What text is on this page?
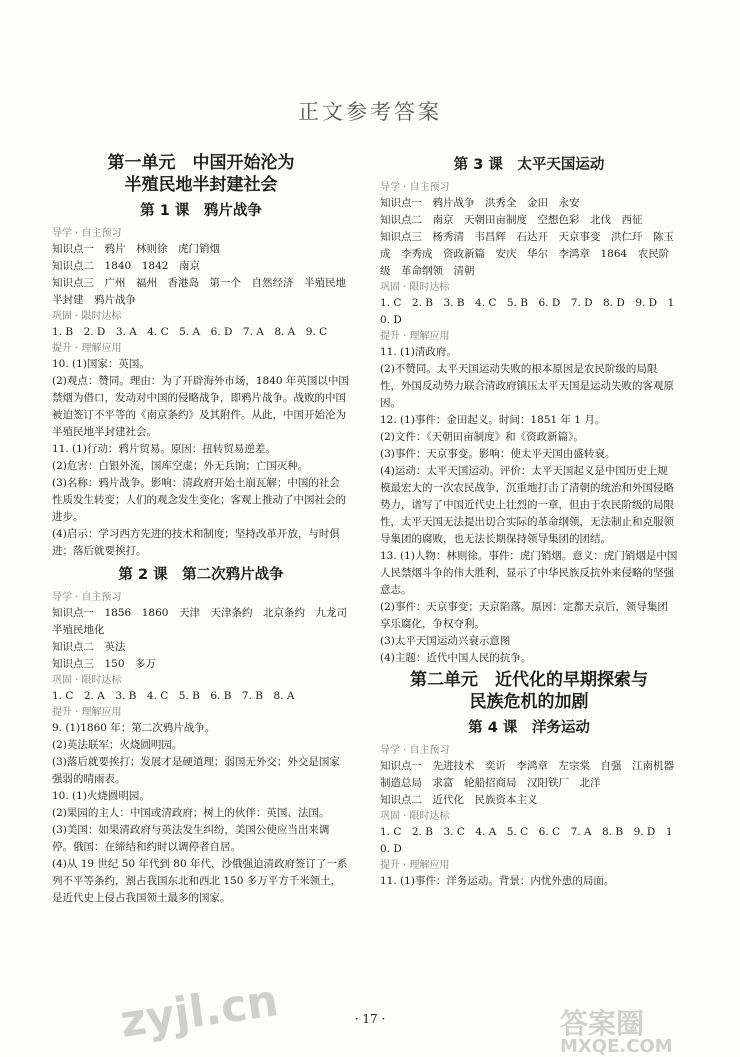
正文参考答案
第一单元　中国开始沦为
半殖民地半封建社会
第 1 课　鸦片战争
导学 · 自主预习
知识点一　鸦片　林则徐　虎门销烟
知识点二　1840　1842　南京
知识点三　广州　福州　香港岛　第一个　自然经济　半殖民地半封建　鸦片战争
巩固 · 限时达标
1. B　2. D　3. A　4. C　5. A　6. D　7. A　8. A　9. C
提升 · 理解应用
10. (1)国家：英国。
(2)观点：赞同。理由：为了开辟海外市场，1840 年英国以中国禁烟为借口，发动对中国的侵略战争，即鸦片战争。战败的中国被迫签订不平等的《南京条约》及其附件。从此，中国开始沦为半殖民地半封建社会。
11. (1)行动：鸦片贸易。原因：扭转贸易逆差。
(2)危害：白银外流，国库空虚；外无兵饷；亡国灭种。
(3)名称：鸦片战争。影响：清政府开始土崩瓦解；中国的社会性质发生转变；人们的观念发生变化；客观上推动了中国社会的进步。
(4)启示：学习西方先进的技术和制度；坚持改革开放，与时俱进；落后就要挨打。
第 2 课　第二次鸦片战争
导学 · 自主预习
知识点一　1856　1860　天津　天津条约　北京条约　九龙司　半殖民地化
知识点二　英法
知识点三　150　多万
巩固 · 限时达标
1. C　2. A　3. B　4. C　5. B　6. B　7. B　8. A
提升 · 理解应用
9. (1)1860 年；第二次鸦片战争。
(2)英法联军；火烧圆明园。
(3)落后就要挨打；发展才是硬道理；弱国无外交；外交是国家强弱的晴雨表。
10. (1)火烧圆明园。
(2)果园的主人：中国或清政府；树上的伙伴：英国、法国。
(3)美国：如果清政府与英法发生纠纷，美国公使应当出来调停。俄国：在缔结和约时以调停者自居。
(4)从 19 世纪 50 年代到 80 年代，沙俄强迫清政府签订了一系列不平等条约，割占我国东北和西北 150 多万平方千米领土，是近代史上侵占我国领土最多的国家。
第 3 课　太平天国运动
导学 · 自主预习
知识点一　鸦片战争　洪秀全　金田　永安
知识点二　南京　天朝田亩制度　空想色彩　北伐　西征
知识点三　杨秀清　韦昌辉　石达开　天京事变　洪仁玕　陈玉成　李秀成　资政新篇　安庆　华尔　李鸿章　1864　农民阶级　革命纲领　清朝
巩固 · 限时达标
1. C　2. B　3. B　4. C　5. B　6. D　7. D　8. D　9. D　10. D
提升 · 理解应用
11. (1)清政府。
(2)不赞同。太平天国运动失败的根本原因是农民阶级的局限性，外国反动势力联合清政府镇压太平天国是运动失败的客观原因。
12. (1)事件：金田起义。时间：1851 年 1 月。
(2)文件：《天朝田亩制度》和《资政新篇》。
(3)事件：天京事变。影响：使太平天国由盛转衰。
(4)运动：太平天国运动。评价：太平天国起义是中国历史上规模最宏大的一次农民战争，沉重地打击了清朝的统治和外国侵略势力，谱写了中国近代史上壮烈的一章，但由于农民阶级的局限性，太平天国无法提出切合实际的革命纲领，无法制止和克服领导集团的腐败，也无法长期保持领导集团的团结。
13. (1)人物：林则徐。事件：虎门销烟。意义：虎门销烟是中国人民禁烟斗争的伟大胜利，显示了中华民族反抗外来侵略的坚强意志。
(2)事件：天京事变；天京陷落。原因：定都天京后，领导集团享乐腐化，争权夺利。
(3)太平天国运动兴衰示意图
(4)主题：近代中国人民的抗争。
第二单元　近代化的早期探索与
民族危机的加剧
第 4 课　洋务运动
导学 · 自主预习
知识点一　先进技术　奕䜣　李鸿章　左宗棠　自强　江南机器制造总局　求富　轮船招商局　汉阳铁厂　北洋
知识点二　近代化　民族资本主义
巩固 · 限时达标
1. C　2. B　3. C　4. A　5. C　6. C　7. A　8. B　9. D　10. D
提升 · 理解应用
11. (1)事件：洋务运动。背景：内忧外患的局面。
· 17 ·
zyjl.cn	答案圈
MXQE.COM
